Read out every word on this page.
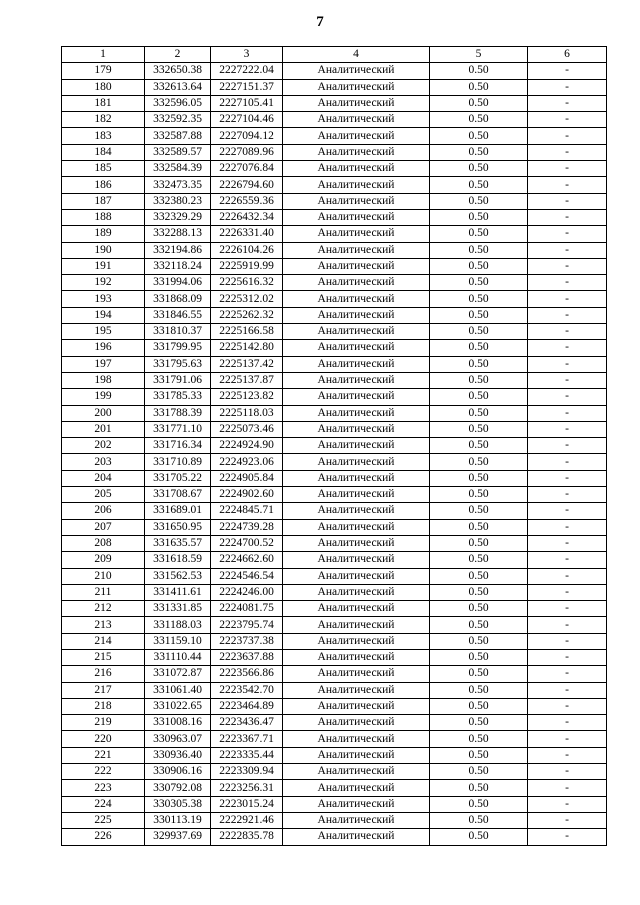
7
1	2	3	4	5	6
179	332650.38	2227222.04	Аналитический	0.50	-
180	332613.64	2227151.37	Аналитический	0.50	-
181	332596.05	2227105.41	Аналитический	0.50	-
182	332592.35	2227104.46	Аналитический	0.50	-
183	332587.88	2227094.12	Аналитический	0.50	-
184	332589.57	2227089.96	Аналитический	0.50	-
185	332584.39	2227076.84	Аналитический	0.50	-
186	332473.35	2226794.60	Аналитический	0.50	-
187	332380.23	2226559.36	Аналитический	0.50	-
188	332329.29	2226432.34	Аналитический	0.50	-
189	332288.13	2226331.40	Аналитический	0.50	-
190	332194.86	2226104.26	Аналитический	0.50	-
191	332118.24	2225919.99	Аналитический	0.50	-
192	331994.06	2225616.32	Аналитический	0.50	-
193	331868.09	2225312.02	Аналитический	0.50	-
194	331846.55	2225262.32	Аналитический	0.50	-
195	331810.37	2225166.58	Аналитический	0.50	-
196	331799.95	2225142.80	Аналитический	0.50	-
197	331795.63	2225137.42	Аналитический	0.50	-
198	331791.06	2225137.87	Аналитический	0.50	-
199	331785.33	2225123.82	Аналитический	0.50	-
200	331788.39	2225118.03	Аналитический	0.50	-
201	331771.10	2225073.46	Аналитический	0.50	-
202	331716.34	2224924.90	Аналитический	0.50	-
203	331710.89	2224923.06	Аналитический	0.50	-
204	331705.22	2224905.84	Аналитический	0.50	-
205	331708.67	2224902.60	Аналитический	0.50	-
206	331689.01	2224845.71	Аналитический	0.50	-
207	331650.95	2224739.28	Аналитический	0.50	-
208	331635.57	2224700.52	Аналитический	0.50	-
209	331618.59	2224662.60	Аналитический	0.50	-
210	331562.53	2224546.54	Аналитический	0.50	-
211	331411.61	2224246.00	Аналитический	0.50	-
212	331331.85	2224081.75	Аналитический	0.50	-
213	331188.03	2223795.74	Аналитический	0.50	-
214	331159.10	2223737.38	Аналитический	0.50	-
215	331110.44	2223637.88	Аналитический	0.50	-
216	331072.87	2223566.86	Аналитический	0.50	-
217	331061.40	2223542.70	Аналитический	0.50	-
218	331022.65	2223464.89	Аналитический	0.50	-
219	331008.16	2223436.47	Аналитический	0.50	-
220	330963.07	2223367.71	Аналитический	0.50	-
221	330936.40	2223335.44	Аналитический	0.50	-
222	330906.16	2223309.94	Аналитический	0.50	-
223	330792.08	2223256.31	Аналитический	0.50	-
224	330305.38	2223015.24	Аналитический	0.50	-
225	330113.19	2222921.46	Аналитический	0.50	-
226	329937.69	2222835.78	Аналитический	0.50	-
